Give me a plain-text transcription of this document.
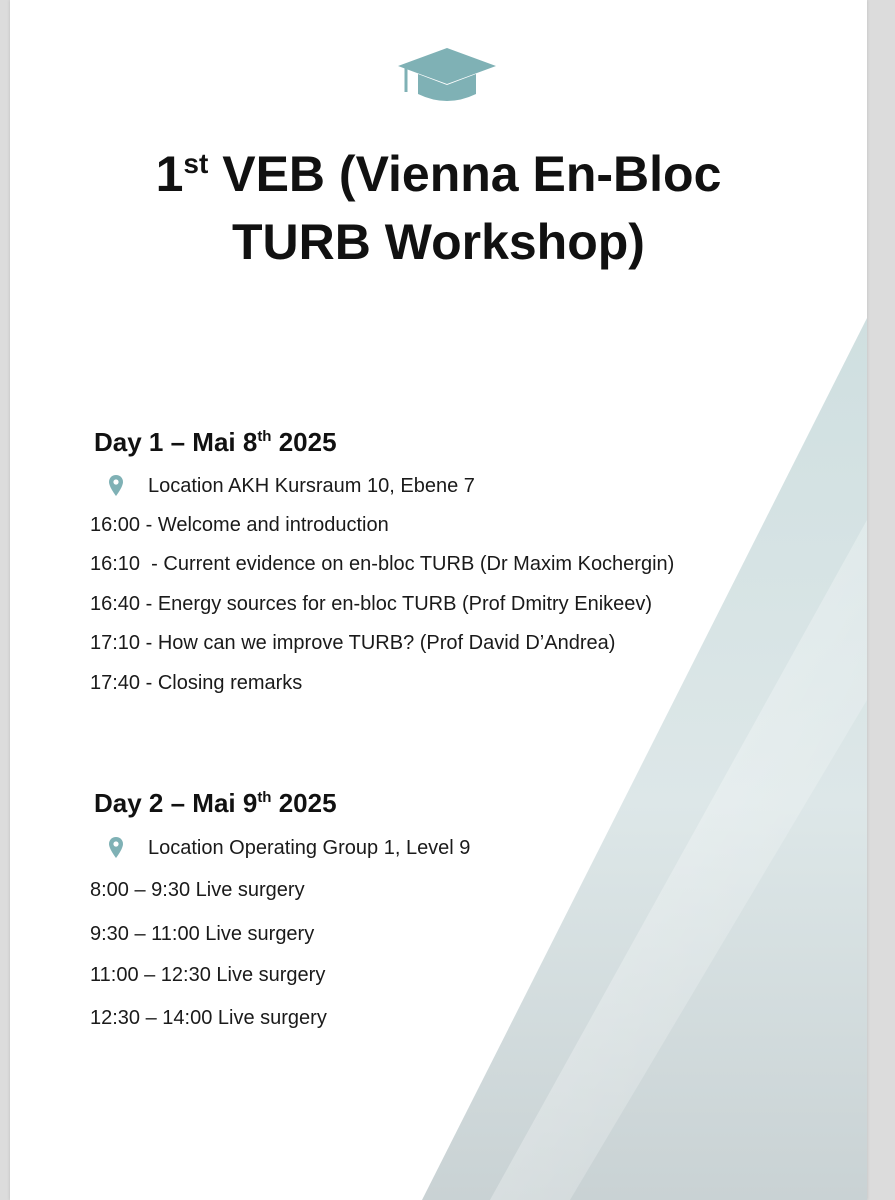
1st VEB (Vienna En-Bloc
TURB Workshop)
Day 1 – Mai 8th 2025
Location AKH Kursraum 10, Ebene 7
16:00 - Welcome and introduction
16:10  - Current evidence on en-bloc TURB (Dr Maxim Kochergin)
16:40 - Energy sources for en-bloc TURB (Prof Dmitry Enikeev)
17:10 - How can we improve TURB? (Prof David D’Andrea)
17:40 - Closing remarks
Day 2 – Mai 9th 2025
Location Operating Group 1, Level 9
8:00 – 9:30 Live surgery
9:30 – 11:00 Live surgery
11:00 – 12:30 Live surgery
12:30 – 14:00 Live surgery
